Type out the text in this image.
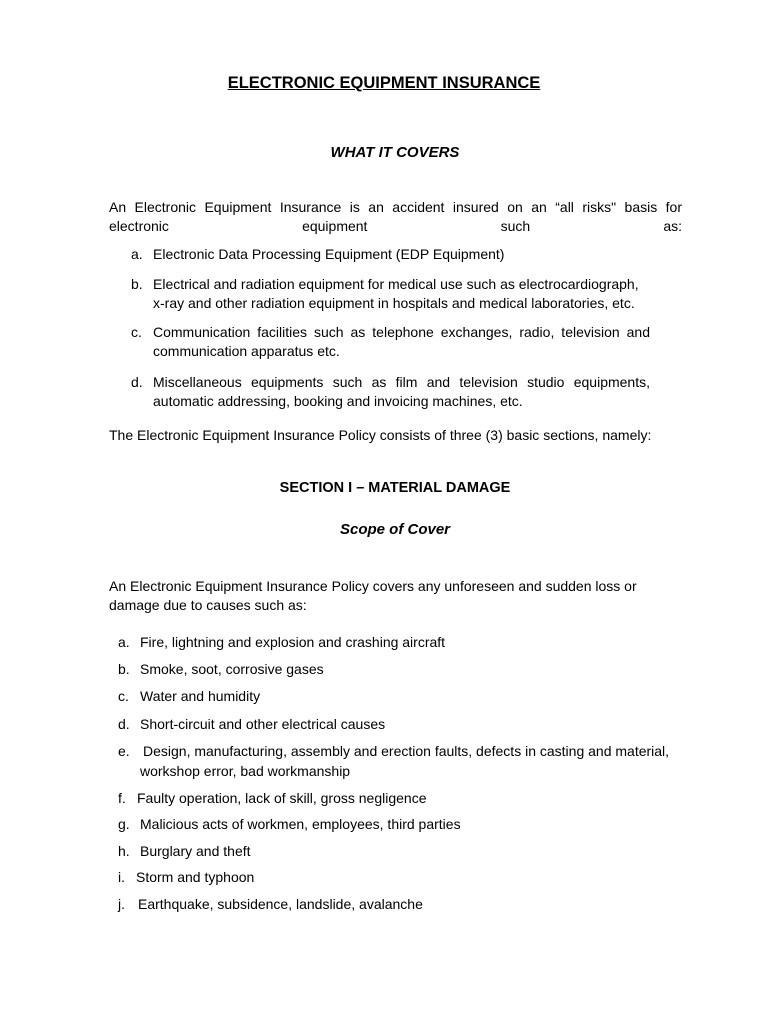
ELECTRONIC EQUIPMENT INSURANCE
WHAT IT COVERS

An Electronic Equipment Insurance is an accident insured on an “all risks" basis for electronic equipment such as:

a. Electronic Data Processing Equipment (EDP Equipment)
b. Electrical and radiation equipment for medical use such as electrocardiograph,
x-ray and other radiation equipment in hospitals and medical laboratories, etc.
c. Communication facilities such as telephone exchanges, radio, television and
communication apparatus etc.
d. Miscellaneous equipments such as film and television studio equipments,
automatic addressing, booking and invoicing machines, etc.

The Electronic Equipment Insurance Policy consists of three (3) basic sections, namely:

SECTION I – MATERIAL DAMAGE
Scope of Cover

An Electronic Equipment Insurance Policy covers any unforeseen and sudden loss or

damage due to causes such as:

a. Fire, lightning and explosion and crashing aircraft
b. Smoke, soot, corrosive gases
c. Water and humidity
d. Short-circuit and other electrical causes
e. Design, manufacturing, assembly and erection faults, defects in casting and material,
workshop error, bad workmanship
f. Faulty operation, lack of skill, gross negligence
g. Malicious acts of workmen, employees, third parties
h. Burglary and theft
i. Storm and typhoon
j. Earthquake, subsidence, landslide, avalanche
